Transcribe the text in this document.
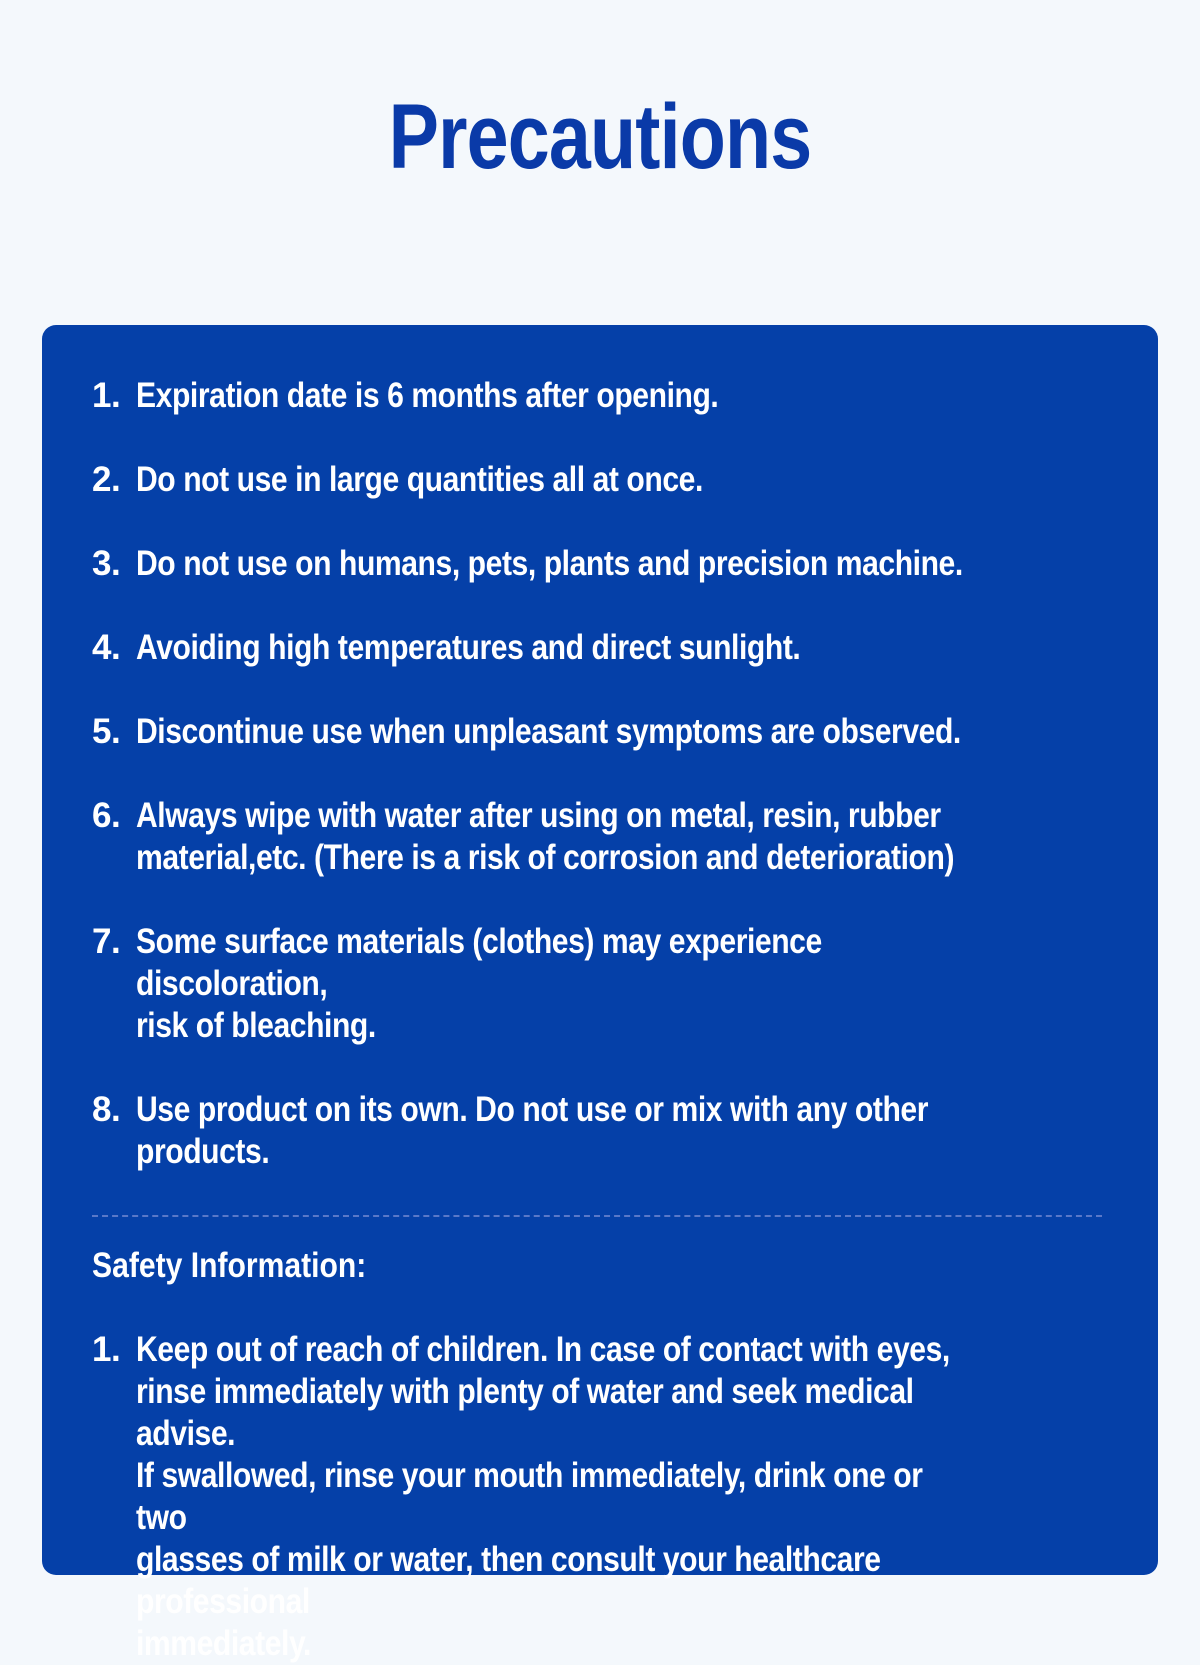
Precautions
1. Expiration date is 6 months after opening.
2. Do not use in large quantities all at once.
3. Do not use on humans, pets, plants and precision machine.
4. Avoiding high temperatures and direct sunlight.
5. Discontinue use when unpleasant symptoms are observed.
6. Always wipe with water after using on metal, resin, rubber
material,etc. (There is a risk of corrosion and deterioration)
7. Some surface materials (clothes) may experience discoloration,
risk of bleaching.
8. Use product on its own. Do not use or mix with any other
products.
Safety Information:
1. Keep out of reach of children. In case of contact with eyes,
rinse immediately with plenty of water and seek medical advise.
If swallowed, rinse your mouth immediately, drink one or two
glasses of milk or water, then consult your healthcare professional
immediately.
